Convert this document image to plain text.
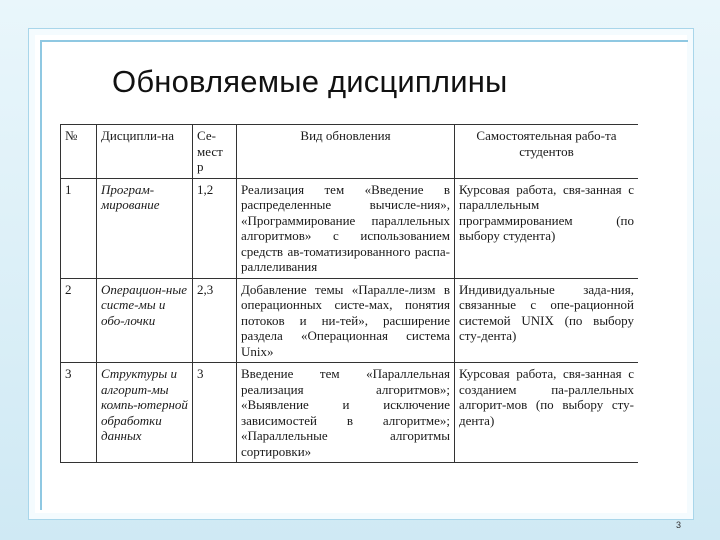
Обновляемые дисциплины
№	Дисципли-на	Се-мест р	Вид обновления	Самостоятельная рабо-та студентов
1	Програм-мирование	1,2	Реализация тем «Введение в распределенные вычисле-ния», «Программирование параллельных алгоритмов» с использованием средств ав-томатизированного распа-раллеливания	Курсовая работа, свя-занная с параллельным программированием (по выбору студента)
2	Операцион-ные систе-мы и обо-лочки	2,3	Добавление темы «Паралле-лизм в операционных систе-мах, понятия потоков и ни-тей», расширение раздела «Операционная система Unix»	Индивидуальные зада-ния, связанные с опе-рационной системой UNIX (по выбору сту-дента)
3	Структуры и алгорит-мы компь-ютерной обработки данных	3	Введение тем «Параллельная реализация алгоритмов»; «Выявление и исключение зависимостей в алгоритме»; «Параллельные алгоритмы сортировки»	Курсовая работа, свя-занная с созданием па-раллельных алгорит-мов (по выбору сту-дента)
3
